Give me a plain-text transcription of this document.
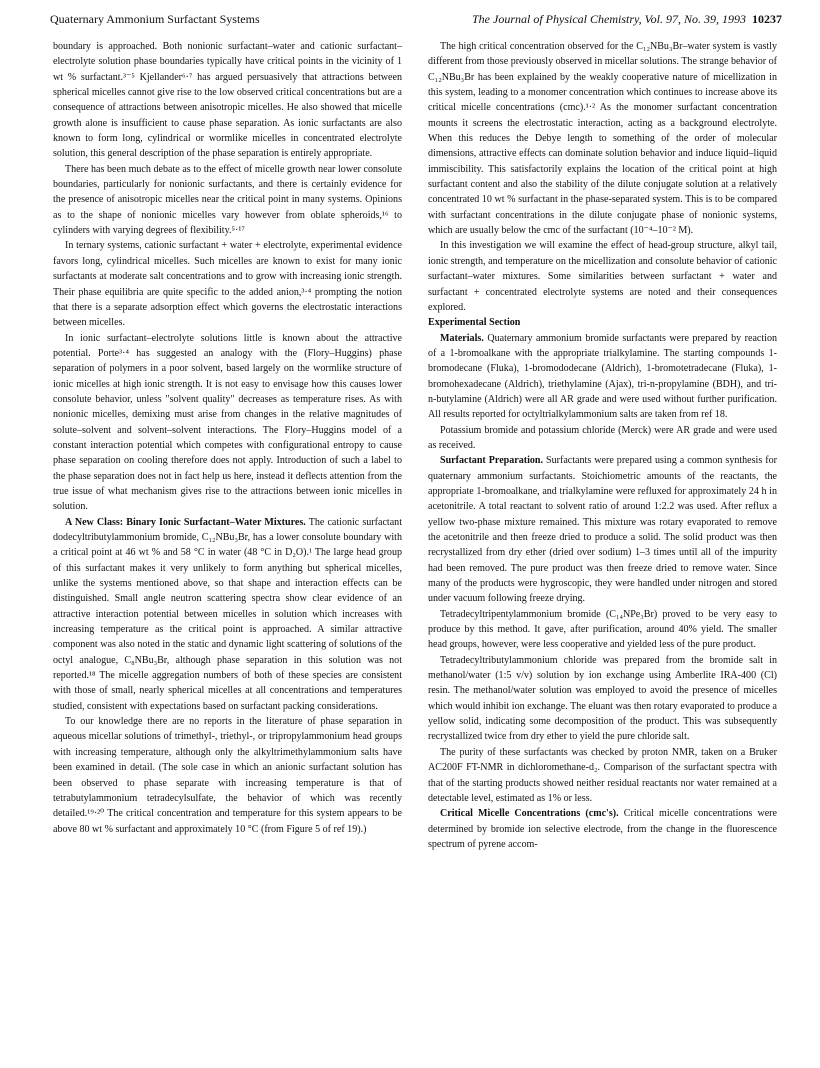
Quaternary Ammonium Surfactant Systems	The Journal of Physical Chemistry, Vol. 97, No. 39, 1993 10237

boundary is approached. Both nonionic surfactant–water and cationic surfactant–electrolyte solution phase boundaries typically have critical points in the vicinity of 1 wt % surfactant.³⁻⁵ Kjellander⁶·⁷ has argued persuasively that attractions between spherical micelles cannot give rise to the low observed critical concentrations but are a consequence of attractions between anisotropic micelles. He also showed that micelle growth alone is insufficient to cause phase separation. As ionic surfactants are also known to form long, cylindrical or wormlike micelles in concentrated electrolyte solution, this general description of the phase separation is entirely appropriate.

There has been much debate as to the effect of micelle growth near lower consolute boundaries, particularly for nonionic surfactants, and there is certainly evidence for the presence of anisotropic micelles near the critical point in many systems. Opinions as to the shape of nonionic micelles vary however from oblate spheroids,¹⁶ to cylinders with varying degrees of flexibility.⁵·¹⁷

In ternary systems, cationic surfactant + water + electrolyte, experimental evidence favors long, cylindrical micelles. Such micelles are known to exist for many ionic surfactants at moderate salt concentrations and to grow with increasing ionic strength. Their phase equilibria are quite specific to the added anion,³·⁴ prompting the notion that there is a separate adsorption effect which governs the electrostatic interactions between micelles.

In ionic surfactant–electrolyte solutions little is known about the attractive potential. Porte³·⁴ has suggested an analogy with the (Flory–Huggins) phase separation of polymers in a poor solvent, based largely on the wormlike structure of ionic micelles at high ionic strength. It is not easy to envisage how this causes lower consolute behavior, unless "solvent quality" decreases as temperature rises. As with nonionic micelles, demixing must arise from changes in the relative magnitudes of solute–solvent and solvent–solvent interactions. The Flory–Huggins model of a constant interaction potential which competes with configurational entropy to cause phase separation on cooling therefore does not apply. Introduction of such a label to the phase separation does not in fact help us here, instead it deflects attention from the true issue of what mechanism gives rise to the attractions between ionic micelles in solution.

A New Class: Binary Ionic Surfactant–Water Mixtures. The cationic surfactant dodecyltributylammonium bromide, C₁₂NBu₃Br, has a lower consolute boundary with a critical point at 46 wt % and 58 °C in water (48 °C in D₂O).¹ The large head group of this surfactant makes it very unlikely to form anything but spherical micelles, unlike the systems mentioned above, so that shape and interaction effects can be distinguished. Small angle neutron scattering spectra show clear evidence of an attractive interaction potential between micelles in solution which increases with increasing temperature as the critical point is approached. A similar attractive component was also noted in the static and dynamic light scattering of solutions of the octyl analogue, C₈NBu₃Br, although phase separation in this solution was not reported.¹⁸ The micelle aggregation numbers of both of these species are consistent with those of small, nearly spherical micelles at all concentrations and temperatures studied, consistent with expectations based on surfactant packing considerations.

To our knowledge there are no reports in the literature of phase separation in aqueous micellar solutions of trimethyl-, triethyl-, or tripropylammonium head groups with increasing temperature, although only the alkyltrimethylammonium salts have been examined in detail. (The sole case in which an anionic surfactant solution has been observed to phase separate with increasing temperature is that of tetrabutylammonium tetradecylsulfate, the behavior of which was recently detailed.¹⁹·²⁰ The critical concentration and temperature for this system appears to be above 80 wt % surfactant and approximately 10 °C (from Figure 5 of ref 19).)

The high critical concentration observed for the C₁₂NBu₃Br–water system is vastly different from those previously observed in micellar solutions. The strange behavior of C₁₂NBu₃Br has been explained by the weakly cooperative nature of micellization in this system, leading to a monomer concentration which continues to increase above its critical micelle concentrations (cmc).¹·² As the monomer surfactant concentration mounts it screens the electrostatic interaction, acting as a background electrolyte. When this reduces the Debye length to something of the order of molecular dimensions, attractive effects can dominate solution behavior and induce liquid–liquid immiscibility. This satisfactorily explains the location of the critical point at high surfactant content and also the stability of the dilute conjugate solution at a relatively concentrated 10 wt % surfactant in the phase-separated system. This is to be compared with surfactant concentrations in the dilute conjugate phase of nonionic systems, which are usually below the cmc of the surfactant (10⁻⁴–10⁻² M).

In this investigation we will examine the effect of head-group structure, alkyl tail, ionic strength, and temperature on the micellization and consolute behavior of cationic surfactant–water mixtures. Some similarities between surfactant + water and surfactant + concentrated electrolyte systems are noted and their consequences explored.

Experimental Section

Materials. Quaternary ammonium bromide surfactants were prepared by reaction of a 1-bromoalkane with the appropriate trialkylamine. The starting compounds 1-bromodecane (Fluka), 1-bromododecane (Aldrich), 1-bromotetradecane (Fluka), 1-bromohexadecane (Aldrich), triethylamine (Ajax), tri-n-propylamine (BDH), and tri-n-butylamine (Aldrich) were all AR grade and were used without further purification. All results reported for octyltrialkylammonium salts are taken from ref 18.

Potassium bromide and potassium chloride (Merck) were AR grade and were used as received.

Surfactant Preparation. Surfactants were prepared using a common synthesis for quaternary ammonium surfactants. Stoichiometric amounts of the reactants, the appropriate 1-bromoalkane, and trialkylamine were refluxed for approximately 24 h in acetonitrile. A total reactant to solvent ratio of around 1:2.2 was used. After reflux a yellow two-phase mixture remained. This mixture was rotary evaporated to remove the acetonitrile and then freeze dried to produce a solid. The solid product was then recrystallized from dry ether (dried over sodium) 1–3 times until all of the impurity had been removed. The pure product was then freeze dried to remove water. Since many of the products were hygroscopic, they were handled under nitrogen and stored under vacuum following freeze drying.

Tetradecyltripentylammonium bromide (C₁₄NPe₃Br) proved to be very easy to produce by this method. It gave, after purification, around 40% yield. The smaller head groups, however, were less cooperative and yielded less of the pure product.

Tetradecyltributylammonium chloride was prepared from the bromide salt in methanol/water (1:5 v/v) solution by ion exchange using Amberlite IRA-400 (Cl) resin. The methanol/water solution was employed to avoid the presence of micelles which would inhibit ion exchange. The eluant was then rotary evaporated to produce a yellow solid, indicating some decomposition of the product. This was subsequently recrystallized twice from dry ether to yield the pure chloride salt.

The purity of these surfactants was checked by proton NMR, taken on a Bruker AC200F FT-NMR in dichloromethane-d₂. Comparison of the surfactant spectra with that of the starting products showed neither residual reactants nor water remained at a detectable level, estimated as 1% or less.

Critical Micelle Concentrations (cmc's). Critical micelle concentrations were determined by bromide ion selective electrode, from the change in the fluorescence spectrum of pyrene accom-
